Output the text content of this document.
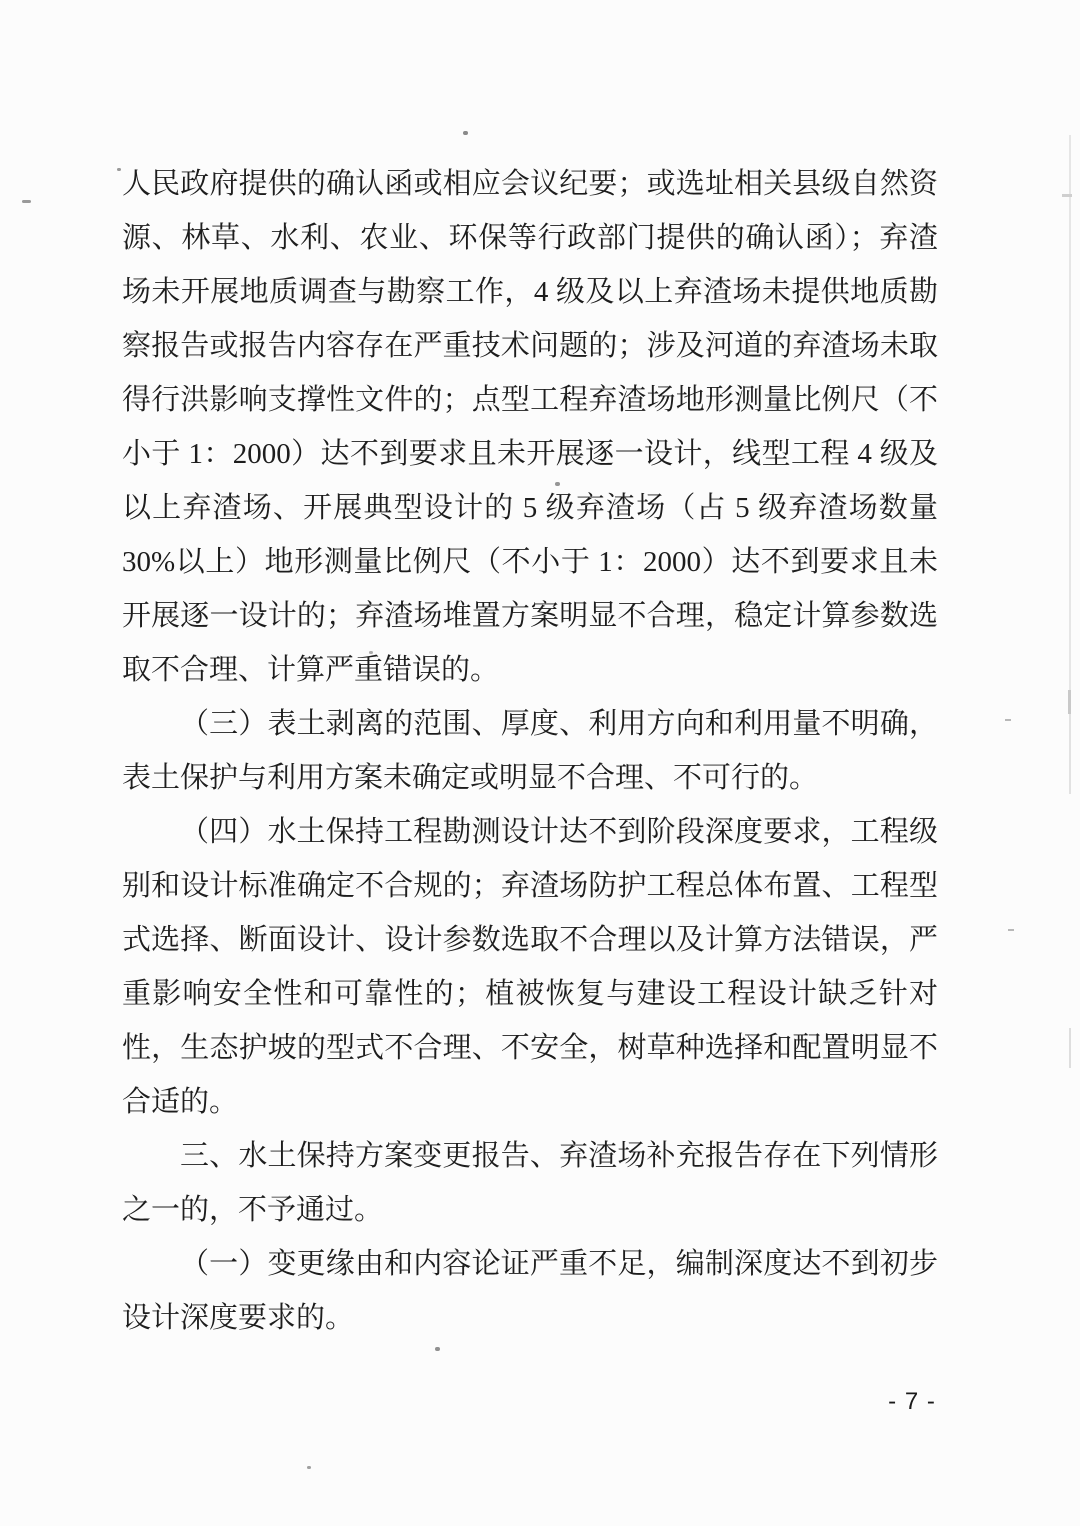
人民政府提供的确认函或相应会议纪要；或选址相关县级自然资
源、林草、水利、农业、环保等行政部门提供的确认函）；弃渣
场未开展地质调查与勘察工作，4 级及以上弃渣场未提供地质勘
察报告或报告内容存在严重技术问题的；涉及河道的弃渣场未取
得行洪影响支撑性文件的；点型工程弃渣场地形测量比例尺（不
小于 1：2000）达不到要求且未开展逐一设计，线型工程 4 级及
以上弃渣场、开展典型设计的 5 级弃渣场（占 5 级弃渣场数量
30%以上）地形测量比例尺（不小于 1：2000）达不到要求且未
开展逐一设计的；弃渣场堆置方案明显不合理，稳定计算参数选
取不合理、计算严重错误的。
（三）表土剥离的范围、厚度、利用方向和利用量不明确，
表土保护与利用方案未确定或明显不合理、不可行的。
（四）水土保持工程勘测设计达不到阶段深度要求，工程级
别和设计标准确定不合规的；弃渣场防护工程总体布置、工程型
式选择、断面设计、设计参数选取不合理以及计算方法错误，严
重影响安全性和可靠性的；植被恢复与建设工程设计缺乏针对
性，生态护坡的型式不合理、不安全，树草种选择和配置明显不
合适的。
三、水土保持方案变更报告、弃渣场补充报告存在下列情形
之一的，不予通过。
（一）变更缘由和内容论证严重不足，编制深度达不到初步
设计深度要求的。
- 7 -
